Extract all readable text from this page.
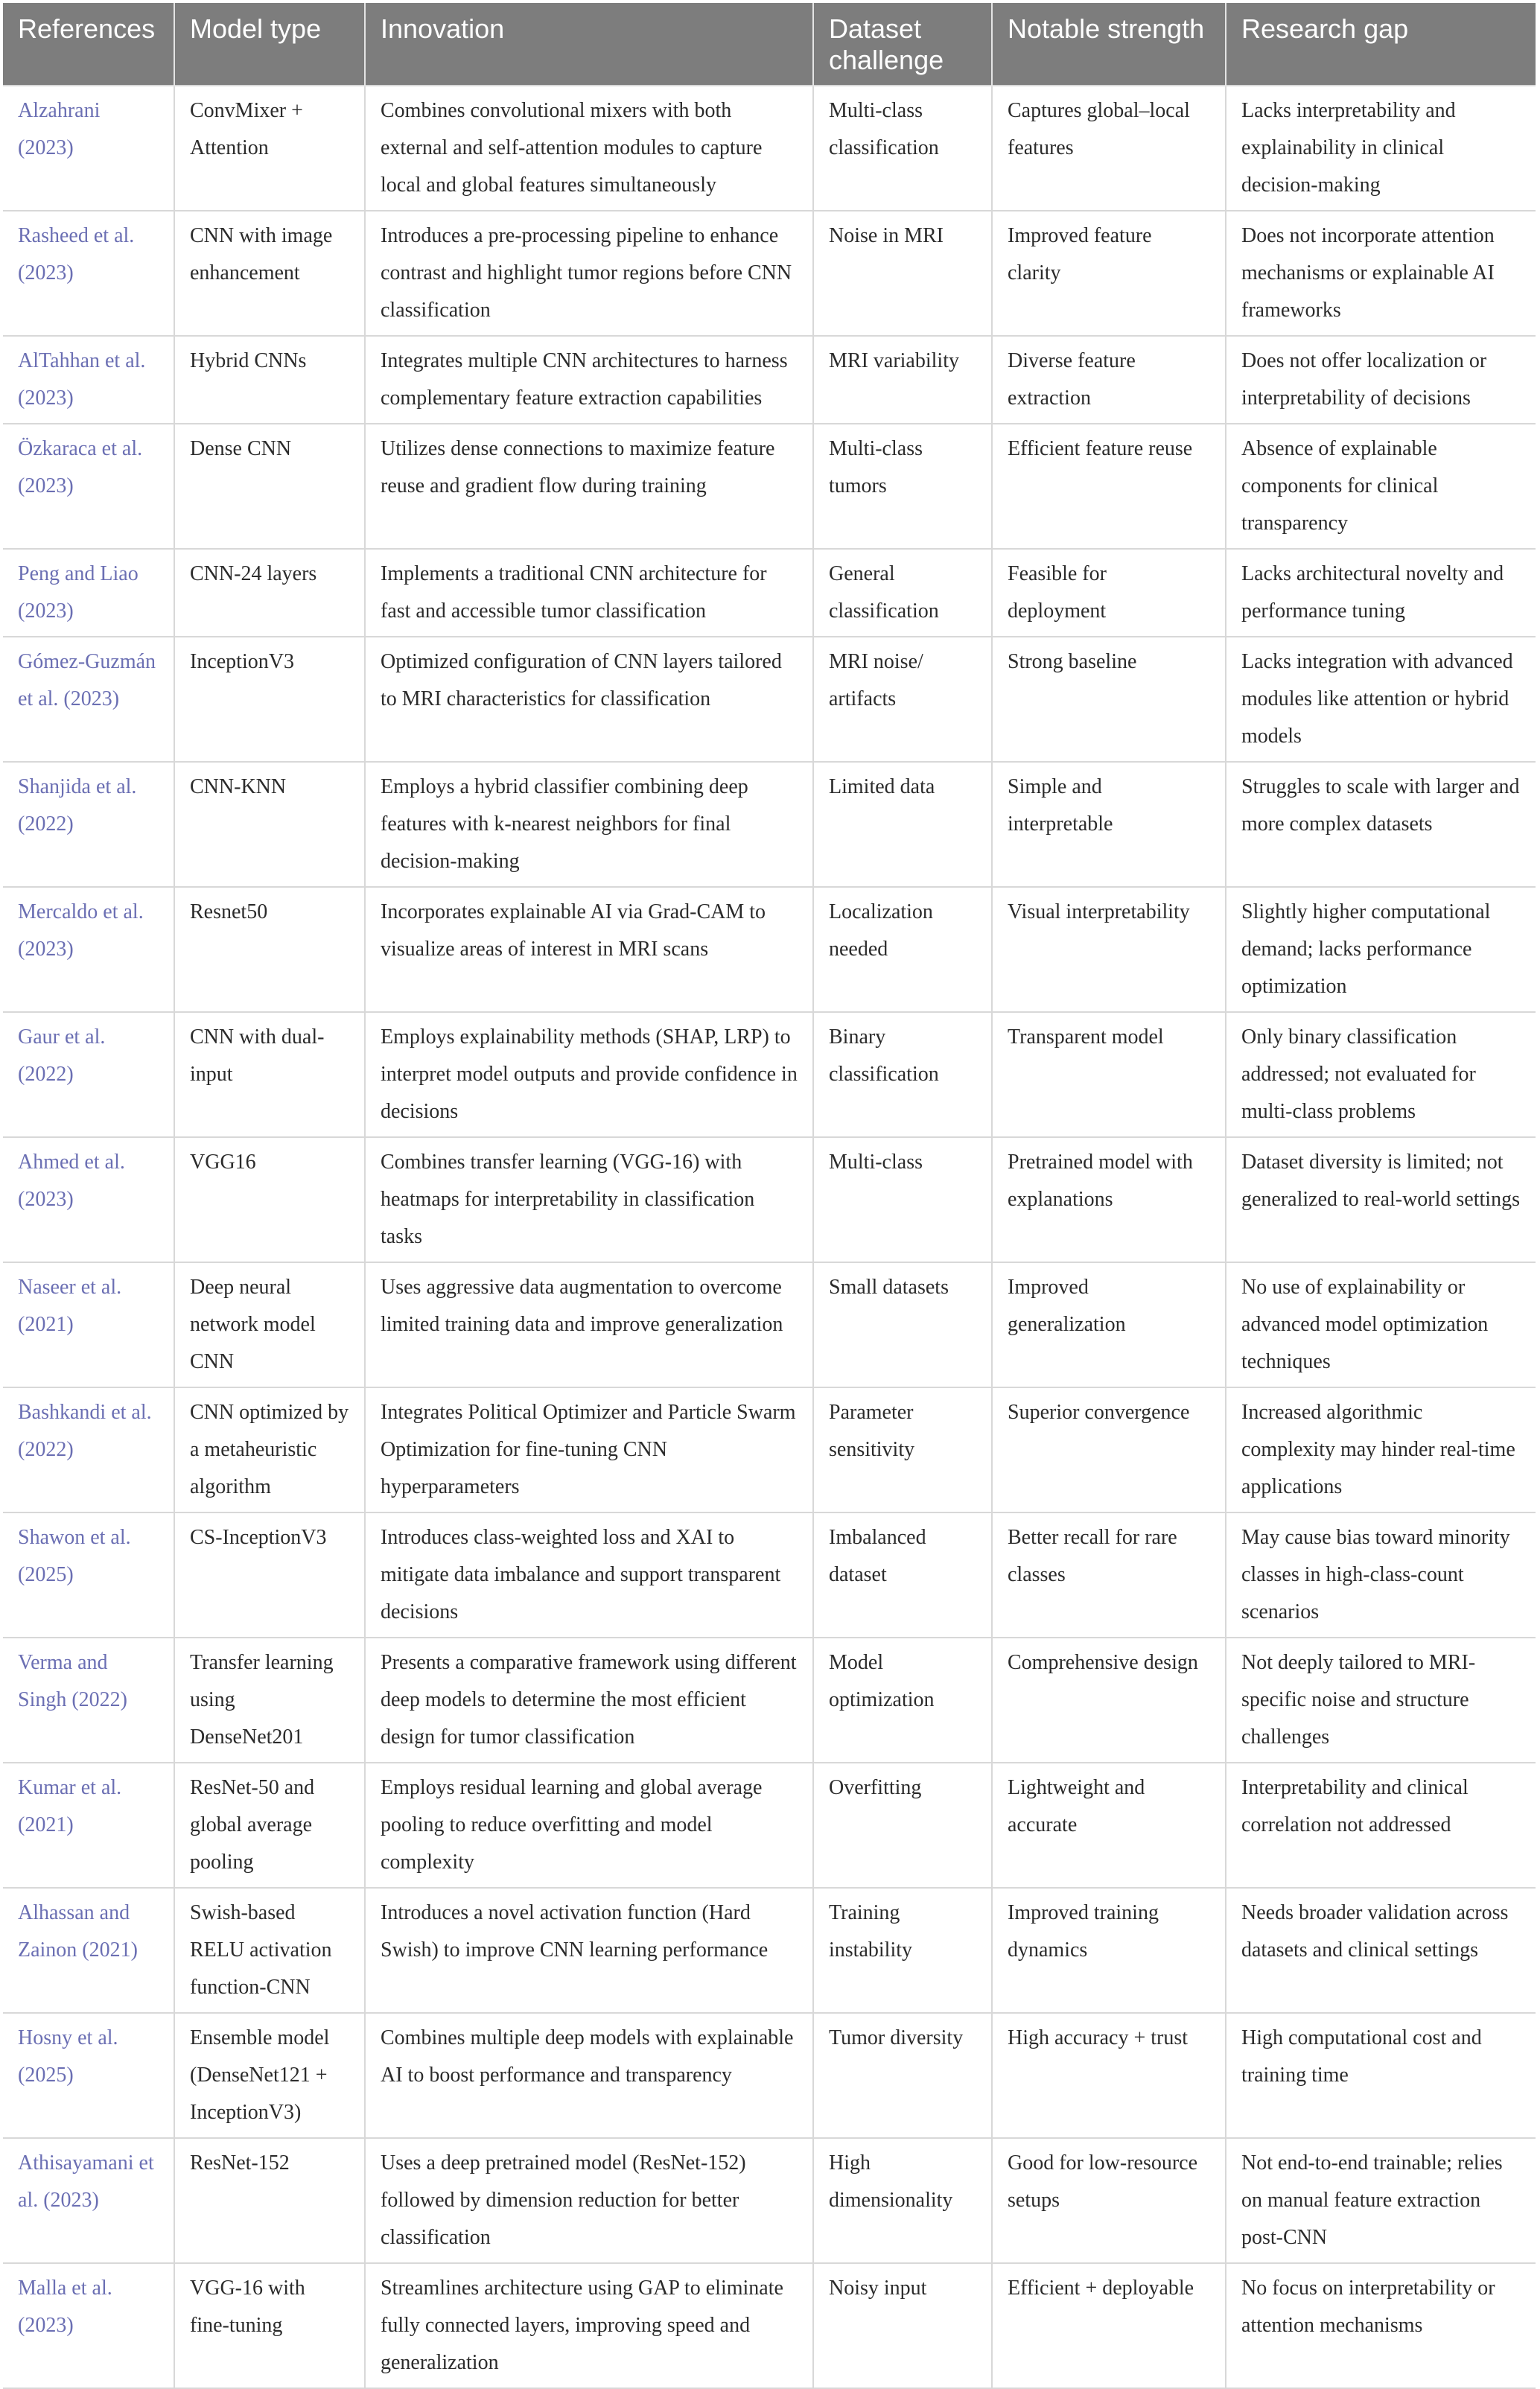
References	Model type	Innovation	Dataset challenge	Notable strength	Research gap
Alzahrani (2023)	ConvMixer + Attention	Combines convolutional mixers with both external and self-attention modules to capture local and global features simultaneously	Multi-class classification	Captures global–local features	Lacks interpretability and explainability in clinical decision-making
Rasheed et al. (2023)	CNN with image enhancement	Introduces a pre-processing pipeline to enhance contrast and highlight tumor regions before CNN classification	Noise in MRI	Improved feature clarity	Does not incorporate attention mechanisms or explainable AI frameworks
AlTahhan et al. (2023)	Hybrid CNNs	Integrates multiple CNN architectures to harness complementary feature extraction capabilities	MRI variability	Diverse feature extraction	Does not offer localization or interpretability of decisions
Özkaraca et al. (2023)	Dense CNN	Utilizes dense connections to maximize feature reuse and gradient flow during training	Multi-class tumors	Efficient feature reuse	Absence of explainable components for clinical transparency
Peng and Liao (2023)	CNN-24 layers	Implements a traditional CNN architecture for fast and accessible tumor classification	General classification	Feasible for deployment	Lacks architectural novelty and performance tuning
Gómez-Guzmán et al. (2023)	InceptionV3	Optimized configuration of CNN layers tailored to MRI characteristics for classification	MRI noise/ artifacts	Strong baseline	Lacks integration with advanced modules like attention or hybrid models
Shanjida et al. (2022)	CNN-KNN	Employs a hybrid classifier combining deep features with k-nearest neighbors for final decision-making	Limited data	Simple and interpretable	Struggles to scale with larger and more complex datasets
Mercaldo et al. (2023)	Resnet50	Incorporates explainable AI via Grad-CAM to visualize areas of interest in MRI scans	Localization needed	Visual interpretability	Slightly higher computational demand; lacks performance optimization
Gaur et al. (2022)	CNN with dual-input	Employs explainability methods (SHAP, LRP) to interpret model outputs and provide confidence in decisions	Binary classification	Transparent model	Only binary classification addressed; not evaluated for multi-class problems
Ahmed et al. (2023)	VGG16	Combines transfer learning (VGG-16) with heatmaps for interpretability in classification tasks	Multi-class	Pretrained model with explanations	Dataset diversity is limited; not generalized to real-world settings
Naseer et al. (2021)	Deep neural network model CNN	Uses aggressive data augmentation to overcome limited training data and improve generalization	Small datasets	Improved generalization	No use of explainability or advanced model optimization techniques
Bashkandi et al. (2022)	CNN optimized by a metaheuristic algorithm	Integrates Political Optimizer and Particle Swarm Optimization for fine-tuning CNN hyperparameters	Parameter sensitivity	Superior convergence	Increased algorithmic complexity may hinder real-time applications
Shawon et al. (2025)	CS-InceptionV3	Introduces class-weighted loss and XAI to mitigate data imbalance and support transparent decisions	Imbalanced dataset	Better recall for rare classes	May cause bias toward minority classes in high-class-count scenarios
Verma and Singh (2022)	Transfer learning using DenseNet201	Presents a comparative framework using different deep models to determine the most efficient design for tumor classification	Model optimization	Comprehensive design	Not deeply tailored to MRI-specific noise and structure challenges
Kumar et al. (2021)	ResNet-50 and global average pooling	Employs residual learning and global average pooling to reduce overfitting and model complexity	Overfitting	Lightweight and accurate	Interpretability and clinical correlation not addressed
Alhassan and Zainon (2021)	Swish-based RELU activation function-CNN	Introduces a novel activation function (Hard Swish) to improve CNN learning performance	Training instability	Improved training dynamics	Needs broader validation across datasets and clinical settings
Hosny et al. (2025)	Ensemble model (DenseNet121 + InceptionV3)	Combines multiple deep models with explainable AI to boost performance and transparency	Tumor diversity	High accuracy + trust	High computational cost and training time
Athisayamani et al. (2023)	ResNet-152	Uses a deep pretrained model (ResNet-152) followed by dimension reduction for better classification	High dimensionality	Good for low-resource setups	Not end-to-end trainable; relies on manual feature extraction post-CNN
Malla et al. (2023)	VGG-16 with fine-tuning	Streamlines architecture using GAP to eliminate fully connected layers, improving speed and generalization	Noisy input	Efficient + deployable	No focus on interpretability or attention mechanisms
